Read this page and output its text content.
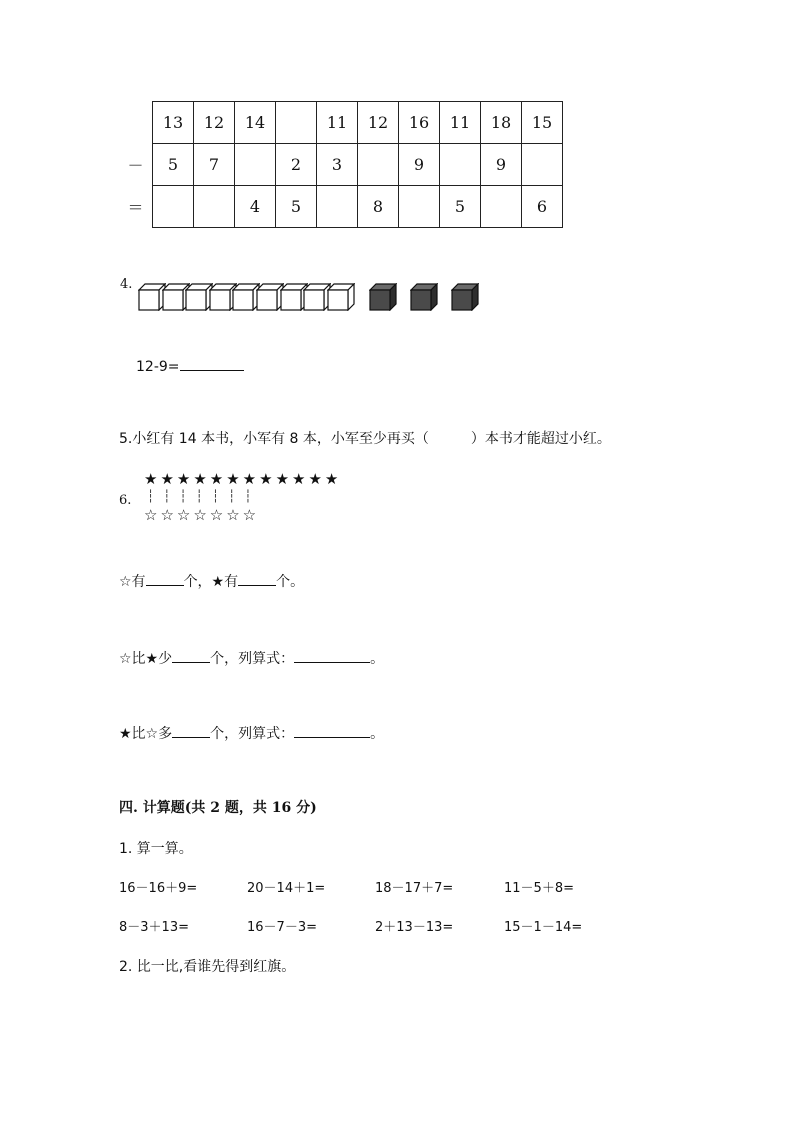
	13	12	14		11	12	16	11	18	15
－	5	7		2	3		9		9	
＝			4	5		8		5		6
4.
12-9=
5.小红有 14 本书，小军有 8 本，小军至少再买（	）本书才能超过小红。
6.
★★★★★★★★★★★★
┆┆┆┆┆┆┆
☆☆☆☆☆☆☆
☆有	个，★有	个。
☆比★少	个，列算式：	。
★比☆多	个，列算式：	。
四. 计算题(共 2 题，共 16 分)
1. 算一算。
16－16＋9=	20－14＋1=	18－17＋7=	11－5＋8=
8－3＋13=	16－7－3=	2＋13－13=	15－1－14=
2. 比一比,看谁先得到红旗。
